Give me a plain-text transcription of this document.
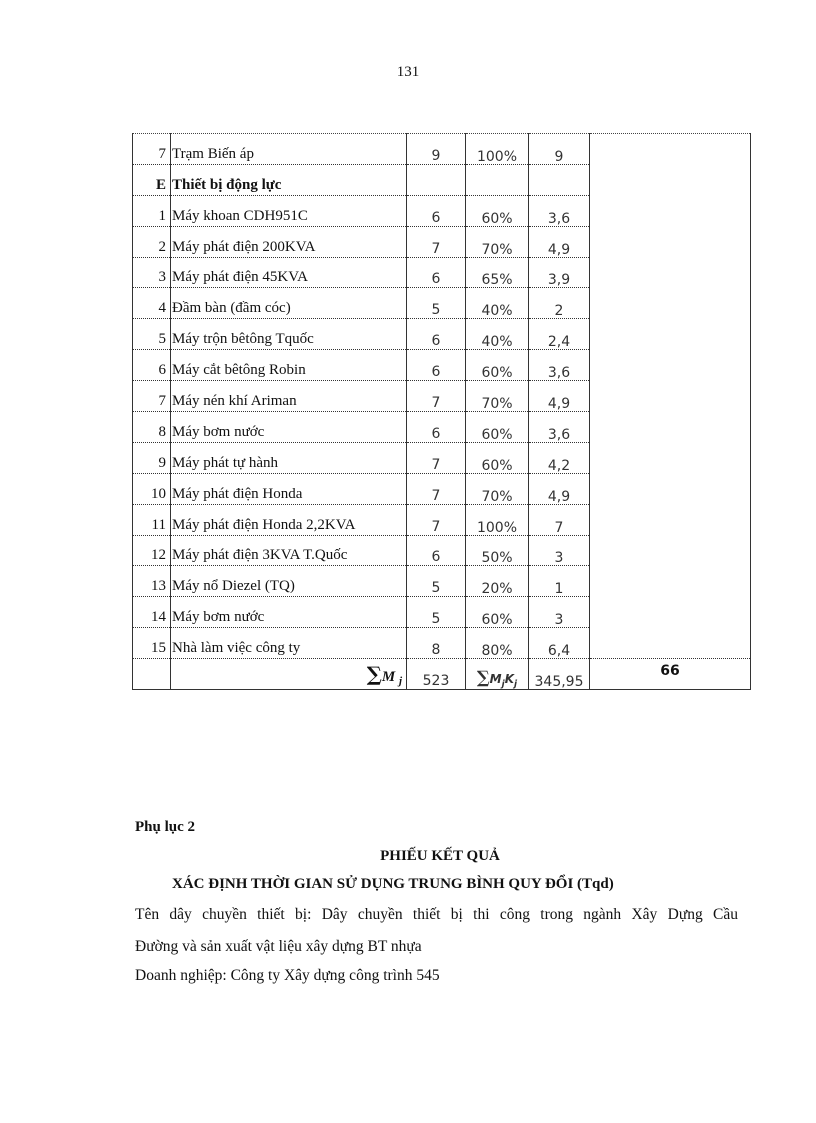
131
7	Trạm Biến áp	9	100%	9	
E	Thiết bị động lực				
1	Máy khoan CDH951C	6	60%	3,6	
2	Máy phát điện 200KVA	7	70%	4,9	
3	Máy phát điện 45KVA	6	65%	3,9	
4	Đầm bàn (đầm cóc)	5	40%	2	
5	Máy trộn bêtông Tquốc	6	40%	2,4	
6	Máy cắt bêtông Robin	6	60%	3,6	
7	Máy nén khí Ariman	7	70%	4,9	
8	Máy bơm nước	6	60%	3,6	
9	Máy phát tự hành	7	60%	4,2	
10	Máy phát điện Honda	7	70%	4,9	
11	Máy phát điện Honda 2,2KVA	7	100%	7	
12	Máy phát điện 3KVA T.Quốc	6	50%	3	
13	Máy nổ Diezel (TQ)	5	20%	1	
14	Máy bơm nước	5	60%	3	
15	Nhà làm việc công ty	8	80%	6,4	
	∑M $_j$	523	$\sum M_jK_j$	345,95	66
Phụ lục 2
PHIẾU KẾT QUẢ
XÁC ĐỊNH THỜI GIAN SỬ DỤNG TRUNG BÌNH QUY ĐỔI (Tqd)
Tên dây chuyền thiết bị: Dây chuyền thiết bị thi công trong ngành Xây Dựng Cầu
Đường và sản xuất vật liệu xây dựng BT nhựa
Doanh nghiệp: Công ty Xây dựng công trình 545
